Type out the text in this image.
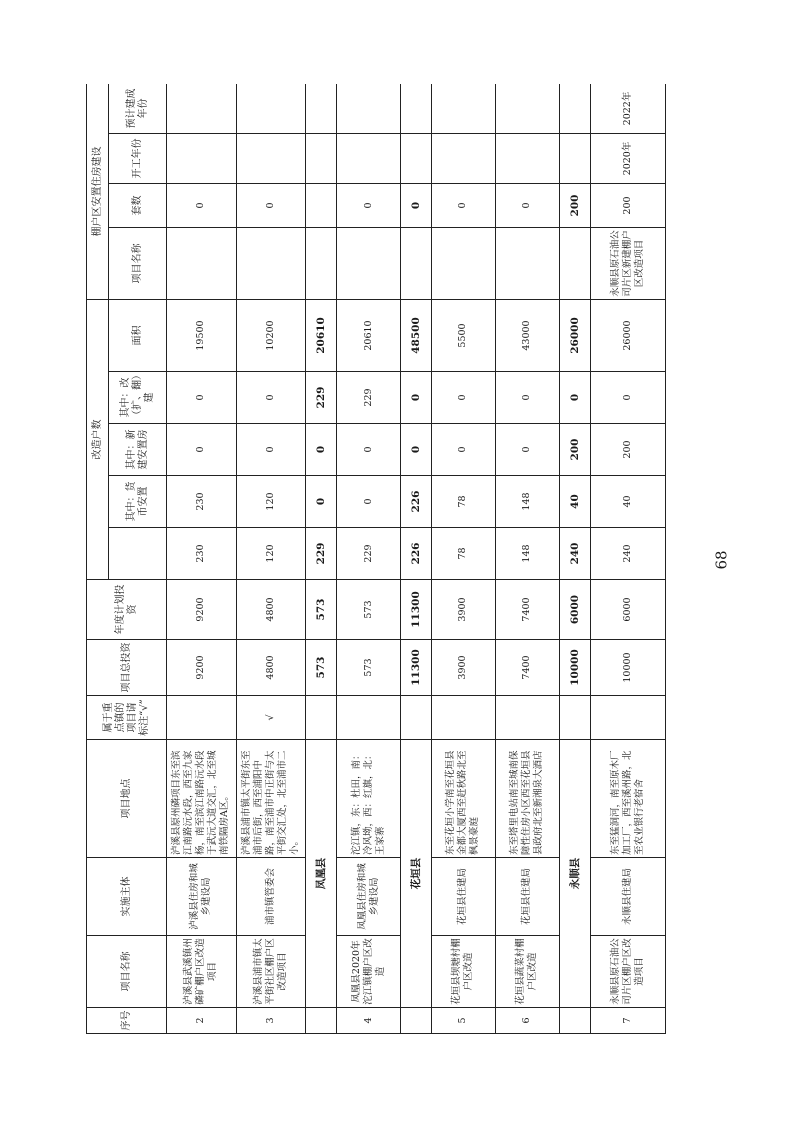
68
序号	项目名称	实施主体	项目地点	属于重点镇的项目请标注“√”	项目总投资	年度计划投资	改造户数					棚户区安置住房建设			
								其中：货币安置	其中：新建安置房	其中：改（扩、翻）建	面积	项目名称	套数	开工年份	预计建成年份

2	泸溪县武溪镇州磷矿棚户区改造项目	泸溪县住房和城乡建设局	泸溪县原州磷项目东至滨江南路沅水段，西至九家杨，南至滨江南路沅水段于武沅大道交汇，北至城南铁隔房A区。		9200	9200	230	230	0	0	19500		0		
3	泸溪县浦市镇太平街社区棚户区改造项目	浦市镇管委会	泸溪县浦市镇太平街东至浦市后街，西至浦阳中路，南至浦市中正街与太平街交汇处，北至浦市二小。	√	4800	4800	120	120	0	0	10200		0		
	凤凰县				573	573	229	0	0	229	20610				
4	凤凰县2020年沱江镇棚户区改造	凤凰县住房和城乡建设局	沱江镇，东：杜田，南：冷风坳，西：红旗，北：王家寨		573	573	229	0	0	229	20610		0		
	花垣县				11300	11300	226	226	0	0	48500		0		
5	花垣县坝塘村棚户区改造	花垣县住建局	东至花垣小学南至花垣县金都大厦西至赶秋路北至枫景豪庭		3900	3900	78	78	0	0	5500		0		
6	花垣县蔬菜村棚户区改造	花垣县住建局	东至塔里电站南至城南保障性住房小区西至花垣县县政府北至新湘泉大酒店		7400	7400	148	148	0	0	43000		0		
	永顺县				10000	6000	240	40	200	0	26000		200		
7	永顺县原石油公司片区棚户区改造项目	永顺县住建局	东至猛洞河，南至原木厂加工厂，西至溪州路，北至农业银行老宿舍		10000	6000	240	40	200	0	26000	永顺县原石油公司片区新建棚户区改造项目	200	2020年	2022年
